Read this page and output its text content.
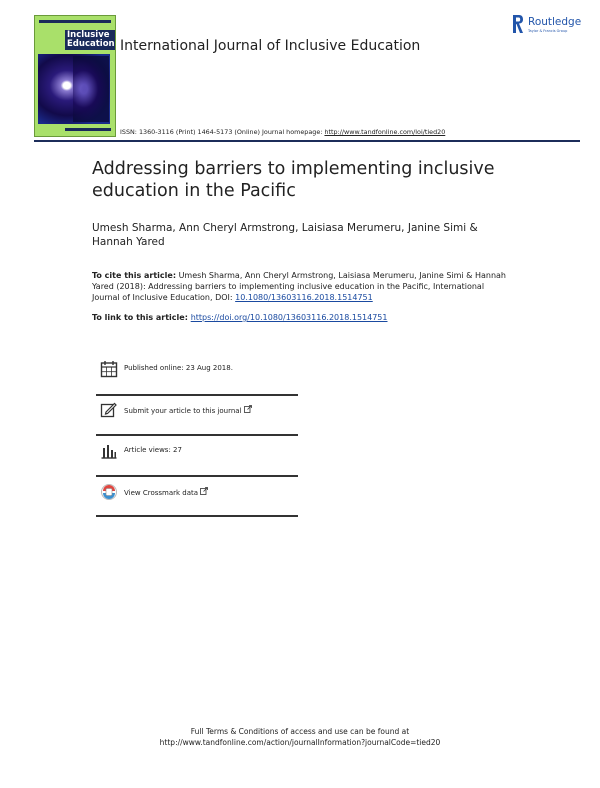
Inclusive Education International Journal of Inclusive Education
Routledge
Taylor & Francis Group
ISSN: 1360-3116 (Print) 1464-5173 (Online) Journal homepage: http://www.tandfonline.com/loi/tied20
Addressing barriers to implementing inclusive education in the Pacific
Umesh Sharma, Ann Cheryl Armstrong, Laisiasa Merumeru, Janine Simi & Hannah Yared
To cite this article: Umesh Sharma, Ann Cheryl Armstrong, Laisiasa Merumeru, Janine Simi & Hannah Yared (2018): Addressing barriers to implementing inclusive education in the Pacific, International Journal of Inclusive Education, DOI: 10.1080/13603116.2018.1514751
To link to this article: https://doi.org/10.1080/13603116.2018.1514751
Published online: 23 Aug 2018.
Submit your article to this journal
Article views: 27
View Crossmark data
Full Terms & Conditions of access and use can be found at
http://www.tandfonline.com/action/journalInformation?journalCode=tied20
